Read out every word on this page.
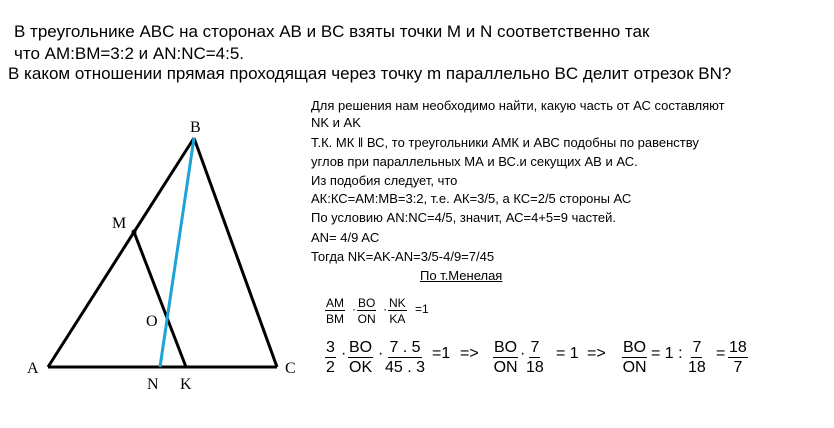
В треугольнике ABC на сторонах AB и BC взяты точки M и N соответственно так
что AM:BM=3:2 и AN:NC=4:5.
В каком отношении прямая проходящая через точку m параллельно BC делит отрезок BN?
A
B
C
M
O
N K
Для решения нам необходимо найти, какую часть от АС составляют
NK и AK
Т.К. МК ‖ ВС, то треугольники АМК и АВС подобны по равенству
углов при параллельных МА и ВС.и секущих АВ и АС.
Из подобия следует, что
АК:КС=АМ:МВ=3:2, т.е. АК=3/5, а КС=2/5 стороны АС
По условию AN:NC=4/5, значит, АС=4+5=9 частей.
AN= 4/9 AC
Тогда NK=AK-AN=3/5-4/9=7/45
По т.Менелая
$\frac{AM}{BM} \cdot \frac{BO}{ON} \cdot \frac{NK}{KA} =1$
$\frac{3}{2} \cdot \frac{BO}{OK} \cdot \frac{7 . 5}{45 . 3} =1 => \frac{BO}{ON} \cdot \frac{7}{18} = 1 => \frac{BO}{ON} = 1$ : $\frac{7}{18} = \frac{18}{7}$
